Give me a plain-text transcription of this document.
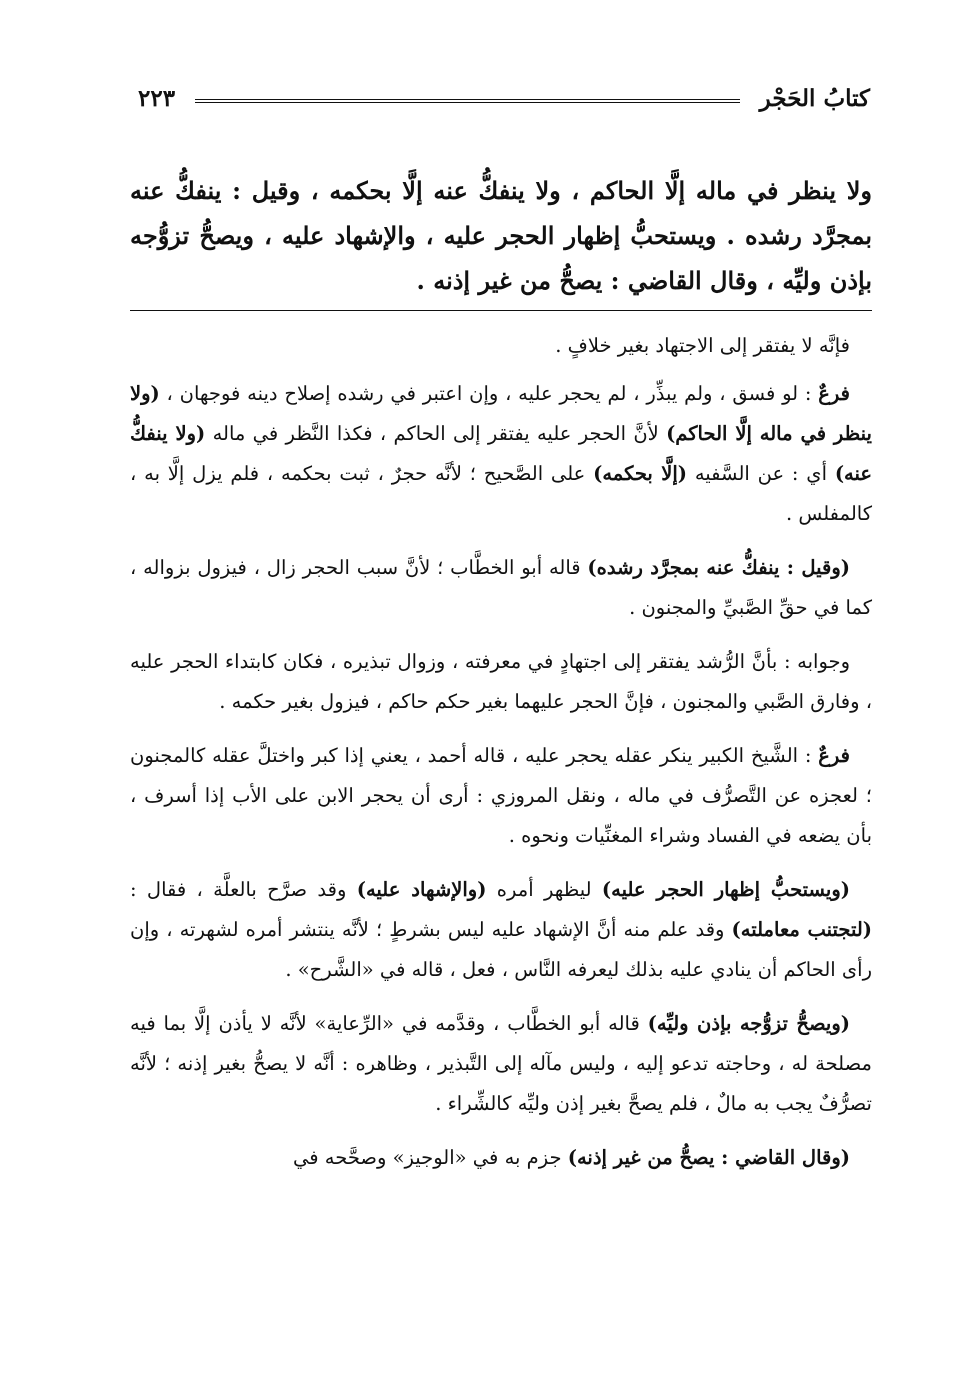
كتابُ الحَجْر
٢٢٣
ولا ينظر في ماله إلَّا الحاكم ، ولا ينفكُّ عنه إلَّا بحكمه ، وقيل : ينفكُّ عنه بمجرَّد رشده . ويستحبُّ إظهار الحجر عليه ، والإشهاد عليه ، ويصحُّ تزوُّجه بإذن وليِّه ، وقال القاضي : يصحُّ من غير إذنه .

فإنَّه لا يفتقر إلى الاجتهاد بغير خلافٍ .

فرعٌ : لو فسق ، ولم يبذِّر ، لم يحجر عليه ، وإن اعتبر في رشده إصلاح دينه فوجهان ، (ولا ينظر في ماله إلَّا الحاكم) لأنَّ الحجر عليه يفتقر إلى الحاكم ، فكذا النَّظر في ماله (ولا ينفكُّ عنه) أي : عن السَّفيه (إلَّا بحكمه) على الصَّحيح ؛ لأنَّه حجرٌ ، ثبت بحكمه ، فلم يزل إلَّا به ، كالمفلس .

(وقيل : ينفكُّ عنه بمجرَّد رشده) قاله أبو الخطَّاب ؛ لأنَّ سبب الحجر زال ، فيزول بزواله ، كما في حقِّ الصَّبيِّ والمجنون .

وجوابه : بأنَّ الرُّشد يفتقر إلى اجتهادٍ في معرفته ، وزوال تبذيره ، فكان كابتداء الحجر عليه ، وفارق الصَّبي والمجنون ، فإنَّ الحجر عليهما بغير حكم حاكم ، فيزول بغير حكمه .

فرعٌ : الشَّيخ الكبير ينكر عقله يحجر عليه ، قاله أحمد ، يعني إذا كبر واختلَّ عقله كالمجنون ؛ لعجزه عن التَّصرُّف في ماله ، ونقل المروزي : أرى أن يحجر الابن على الأب إذا أسرف ، بأن يضعه في الفساد وشراء المغنِّيات ونحوه .

(ويستحبُّ إظهار الحجر عليه) ليظهر أمره (والإشهاد عليه) وقد صرَّح بالعلَّة ، فقال : (لتجتنب معاملته) وقد علم منه أنَّ الإشهاد عليه ليس بشرطٍ ؛ لأنَّه ينتشر أمره لشهرته ، وإن رأى الحاكم أن ينادي عليه بذلك ليعرفه النَّاس ، فعل ، قاله في «الشَّرح» .

(ويصحُّ تزوُّجه بإذن وليِّه) قاله أبو الخطَّاب ، وقدَّمه في «الرِّعاية» لأنَّه لا يأذن إلَّا بما فيه مصلحة له ، وحاجته تدعو إليه ، وليس مآله إلى التَّبذير ، وظاهره : أنَّه لا يصحُّ بغير إذنه ؛ لأنَّه تصرُّفٌ يجب به مالٌ ، فلم يصحَّ بغير إذن وليِّه كالشِّراء .

(وقال القاضي : يصحُّ من غير إذنه) جزم به في «الوجيز» وصحَّحه في
